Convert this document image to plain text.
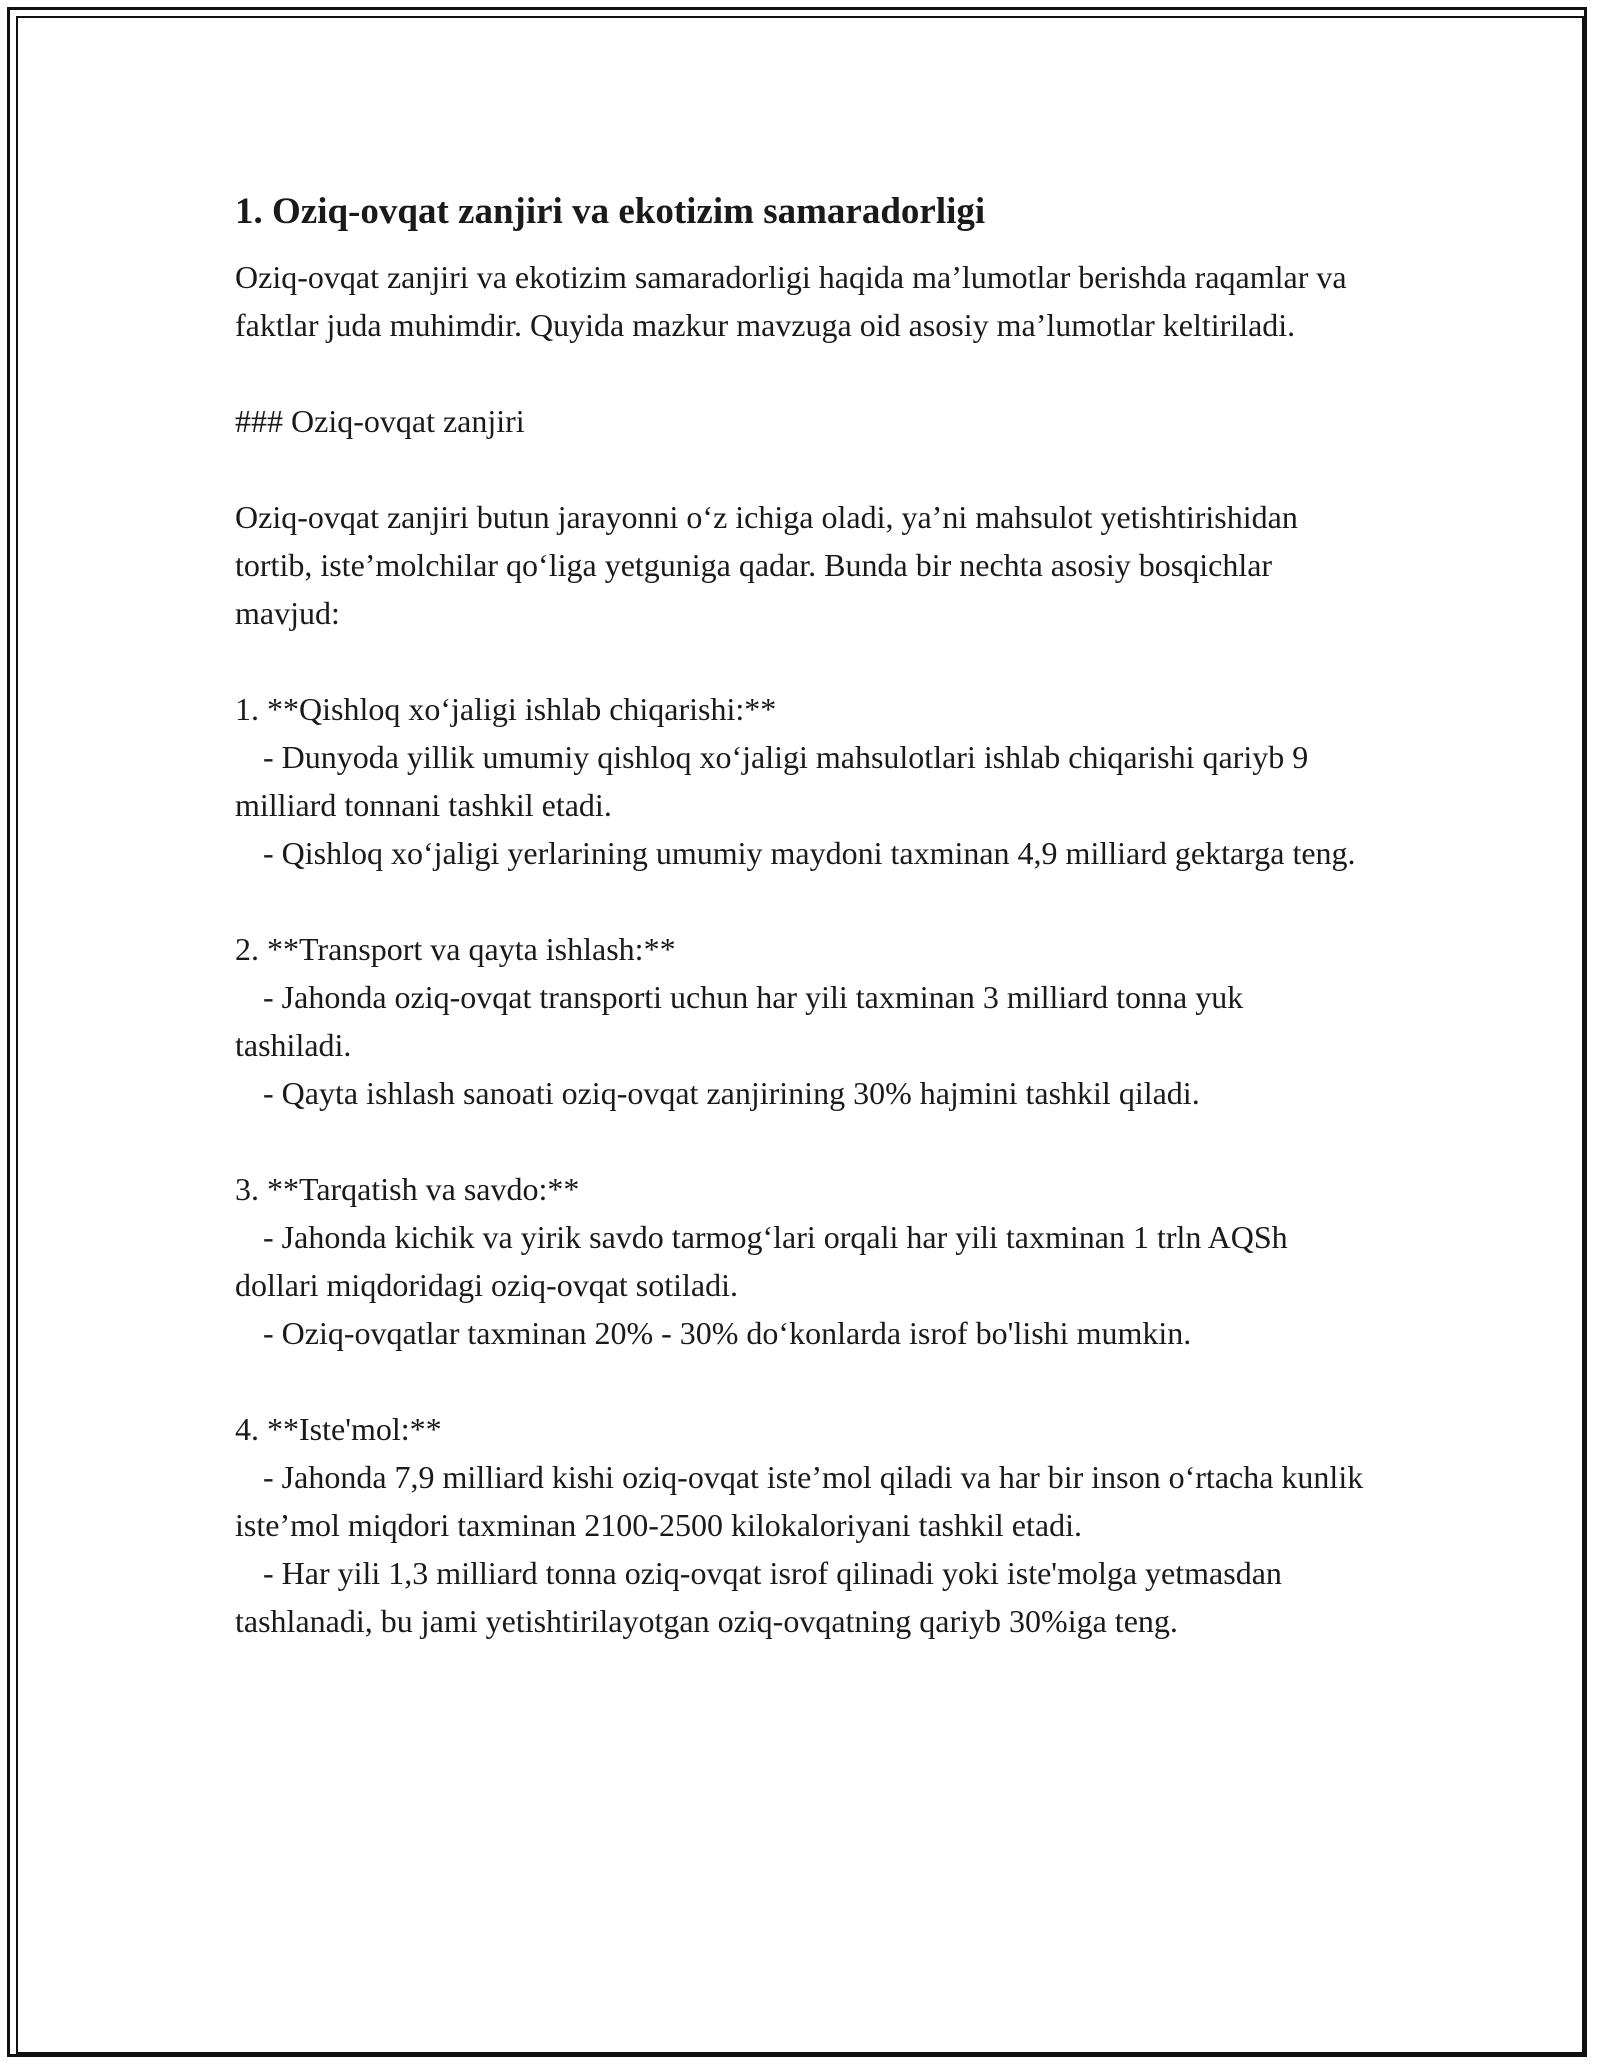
1. Oziq-ovqat zanjiri va ekotizim samaradorligi

Oziq-ovqat zanjiri va ekotizim samaradorligi haqida ma’lumotlar berishda raqamlar va faktlar juda muhimdir. Quyida mazkur mavzuga oid asosiy ma’lumotlar keltiriladi.

### Oziq-ovqat zanjiri

Oziq-ovqat zanjiri butun jarayonni o‘z ichiga oladi, ya’ni mahsulot yetishtirishidan tortib, iste’molchilar qo‘liga yetguniga qadar. Bunda bir nechta asosiy bosqichlar mavjud:

1. **Qishloq xo‘jaligi ishlab chiqarishi:**

- Dunyoda yillik umumiy qishloq xo‘jaligi mahsulotlari ishlab chiqarishi qariyb 9 milliard tonnani tashkil etadi.

- Qishloq xo‘jaligi yerlarining umumiy maydoni taxminan 4,9 milliard gektarga teng.

2. **Transport va qayta ishlash:**

- Jahonda oziq-ovqat transporti uchun har yili taxminan 3 milliard tonna yuk tashiladi.

- Qayta ishlash sanoati oziq-ovqat zanjirining 30% hajmini tashkil qiladi.

3. **Tarqatish va savdo:**

- Jahonda kichik va yirik savdo tarmog‘lari orqali har yili taxminan 1 trln AQSh dollari miqdoridagi oziq-ovqat sotiladi.

- Oziq-ovqatlar taxminan 20% - 30% do‘konlarda isrof bo'lishi mumkin.

4. **Iste'mol:**

- Jahonda 7,9 milliard kishi oziq-ovqat iste’mol qiladi va har bir inson o‘rtacha kunlik iste’mol miqdori taxminan 2100-2500 kilokaloriyani tashkil etadi.

- Har yili 1,3 milliard tonna oziq-ovqat isrof qilinadi yoki iste'molga yetmasdan tashlanadi, bu jami yetishtirilayotgan oziq-ovqatning qariyb 30%iga teng.
